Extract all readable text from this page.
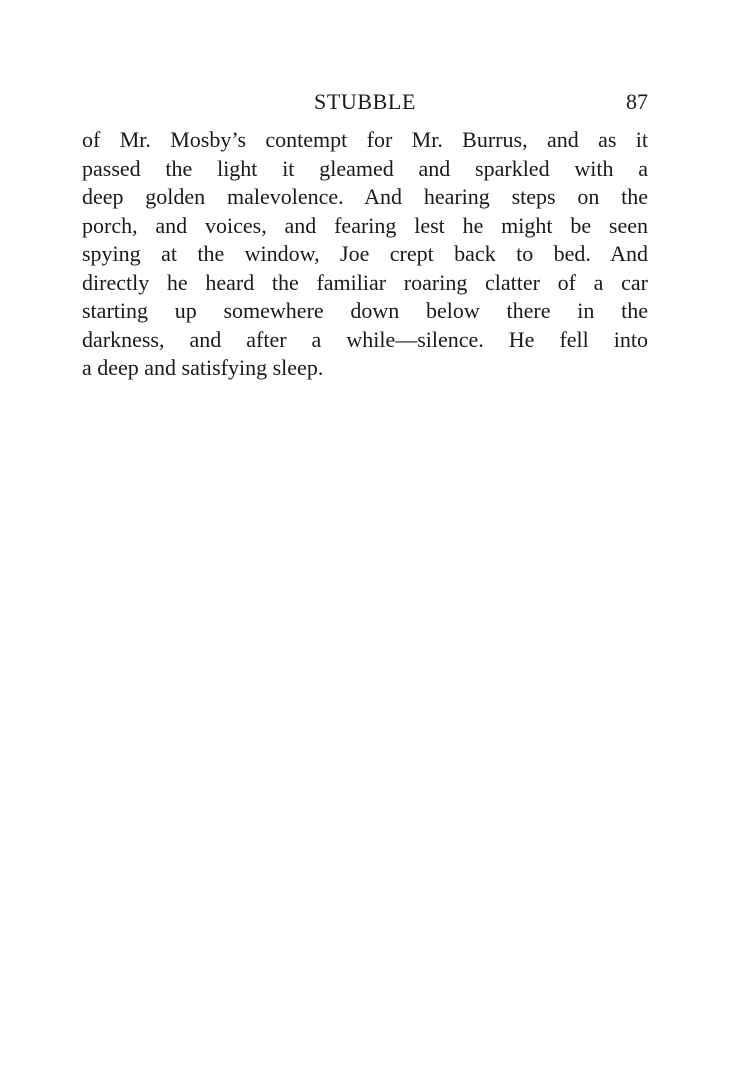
STUBBLE	87
of Mr. Mosby’s contempt for Mr. Burrus, and as it
passed the light it gleamed and sparkled with a
deep golden malevolence. And hearing steps on the
porch, and voices, and fearing lest he might be seen
spying at the window, Joe crept back to bed. And
directly he heard the familiar roaring clatter of a car
starting up somewhere down below there in the
darkness, and after a while—silence. He fell into
a deep and satisfying sleep.
